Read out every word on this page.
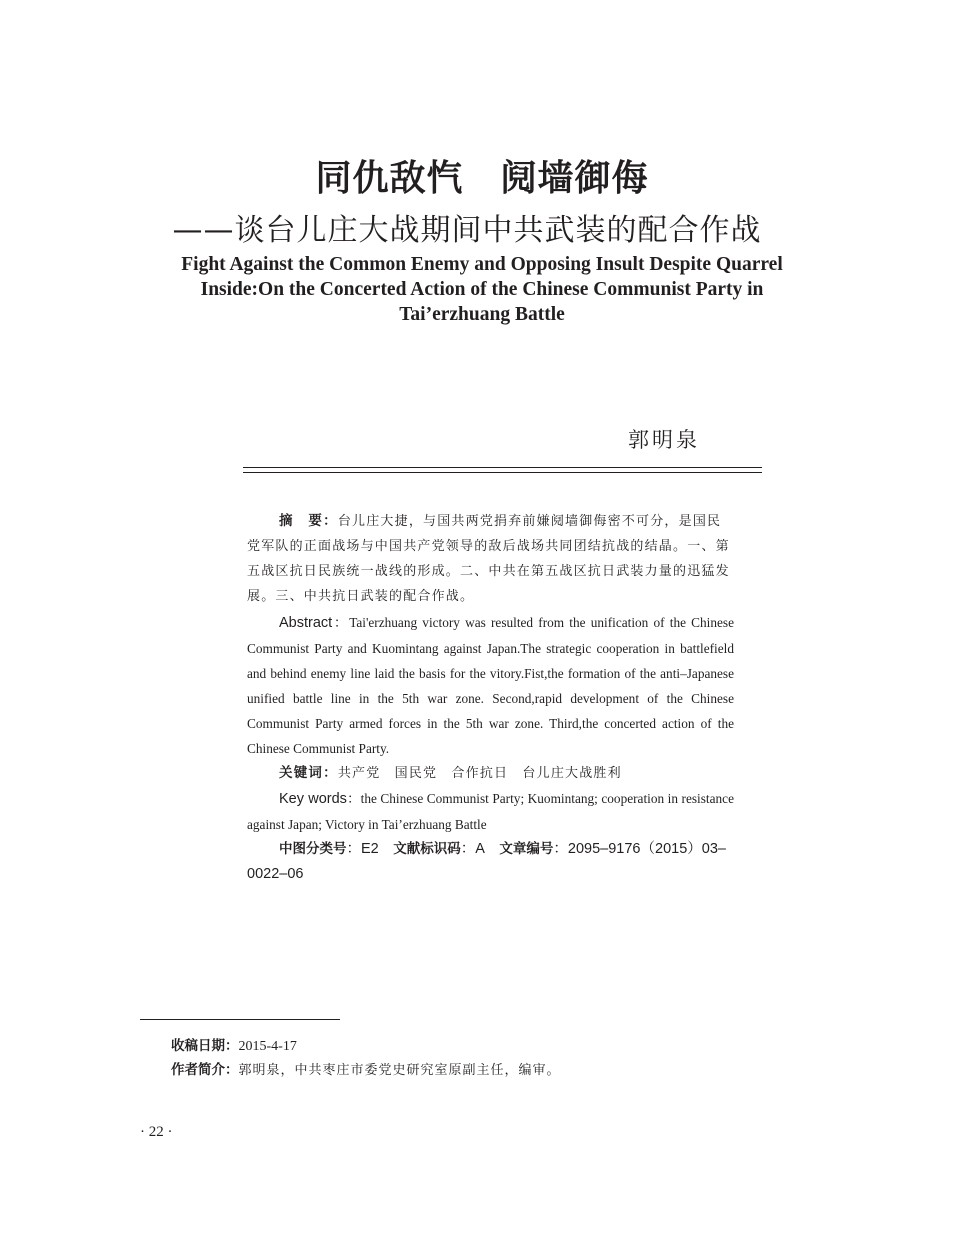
同仇敌忾　阋墙御侮
——谈台儿庄大战期间中共武装的配合作战
Fight Against the Common Enemy and Opposing Insult Despite Quarrel
Inside:On the Concerted Action of the Chinese Communist Party in
Tai’erzhuang Battle
郭明泉
摘　要：台儿庄大捷，与国共两党捐弃前嫌阋墙御侮密不可分，是国民党军队的正面战场与中国共产党领导的敌后战场共同团结抗战的结晶。一、第五战区抗日民族统一战线的形成。二、中共在第五战区抗日武装力量的迅猛发展。三、中共抗日武装的配合作战。
Abstract：Tai'erzhuang victory was resulted from the unification of the Chinese Communist Party and Kuomintang against Japan.The strategic cooperation in battlefield and behind enemy line laid the basis for the vitory.Fist,the formation of the anti–Japanese unified battle line in the 5th war zone. Second,rapid development of the Chinese Communist Party armed forces in the 5th war zone. Third,the concerted action of the Chinese Communist Party.
关键词：共产党　国民党　合作抗日　台儿庄大战胜利
Key words：the Chinese Communist Party; Kuomintang; cooperation in resistance against Japan; Victory in Tai’erzhuang Battle
中图分类号：E2  文献标识码：A  文章编号：2095–9176（2015）03–0022–06
收稿日期：2015-4-17
作者简介：郭明泉，中共枣庄市委党史研究室原副主任，编审。
· 22 ·
